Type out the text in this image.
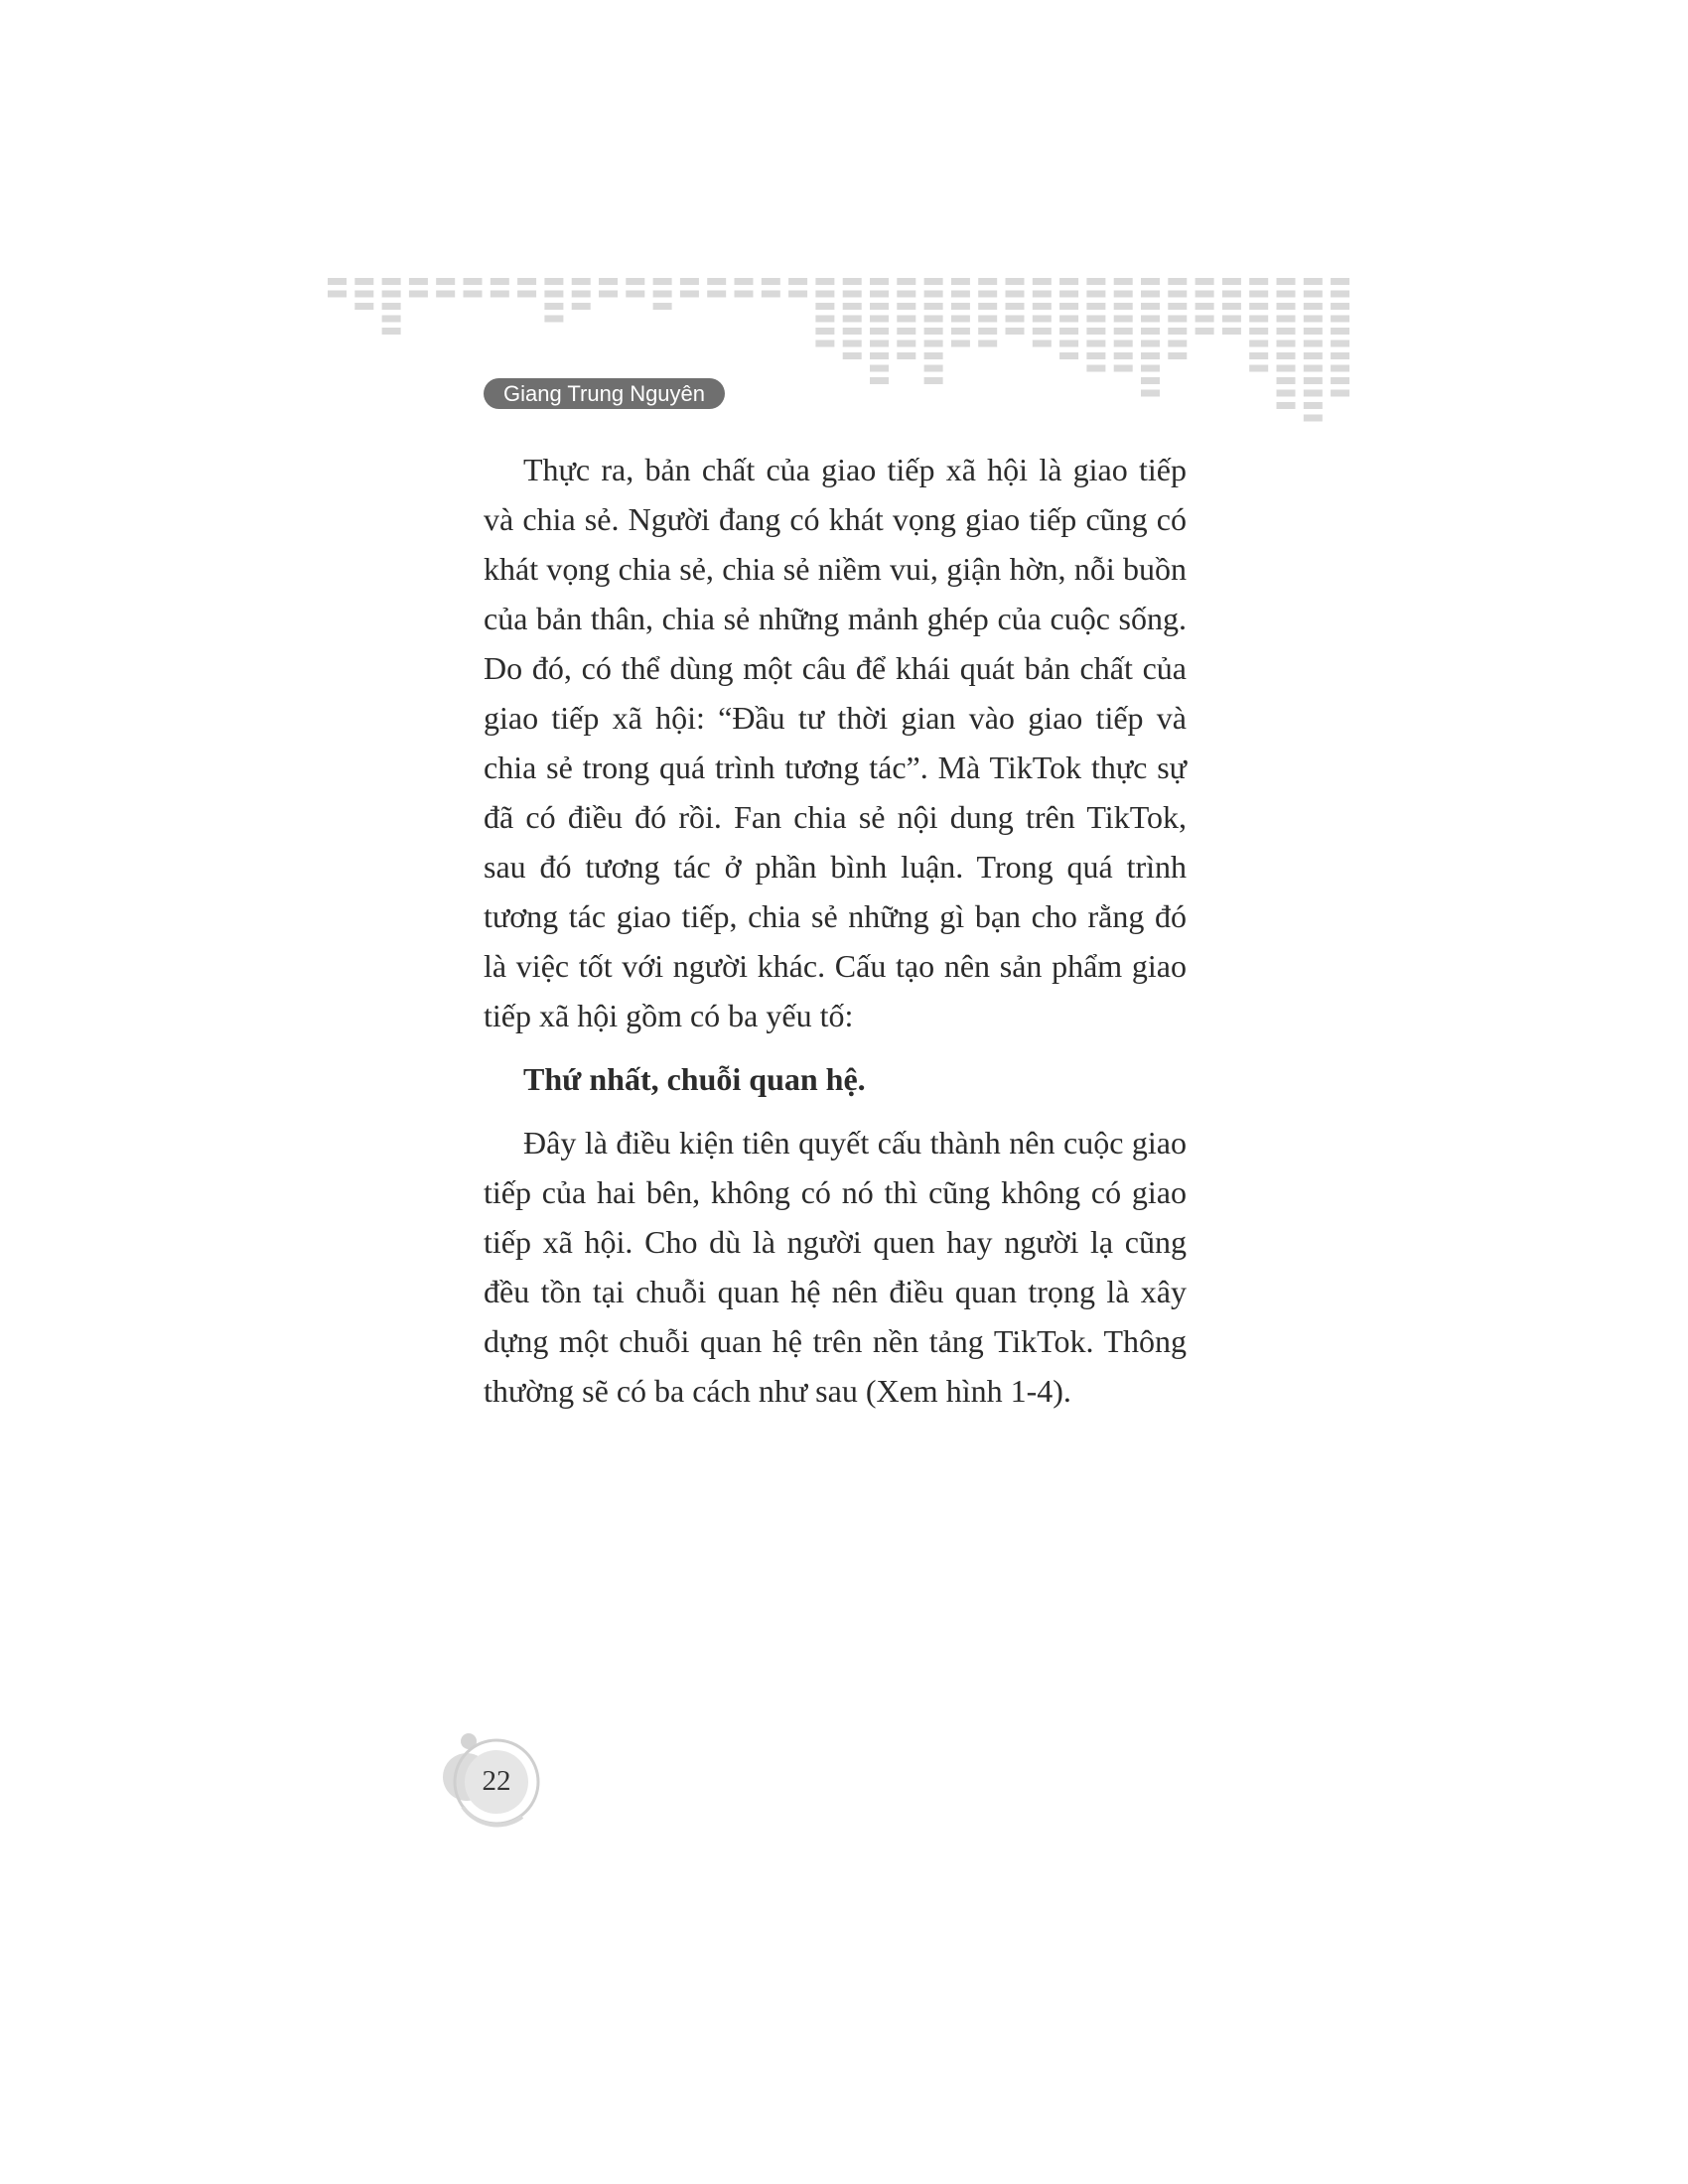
Giang Trung Nguyên

Thực ra, bản chất của giao tiếp xã hội là giao tiếp và chia sẻ. Người đang có khát vọng giao tiếp cũng có khát vọng chia sẻ, chia sẻ niềm vui, giận hờn, nỗi buồn của bản thân, chia sẻ những mảnh ghép của cuộc sống. Do đó, có thể dùng một câu để khái quát bản chất của giao tiếp xã hội: “Đầu tư thời gian vào giao tiếp và chia sẻ trong quá trình tương tác”. Mà TikTok thực sự đã có điều đó rồi. Fan chia sẻ nội dung trên TikTok, sau đó tương tác ở phần bình luận. Trong quá trình tương tác giao tiếp, chia sẻ những gì bạn cho rằng đó là việc tốt với người khác. Cấu tạo nên sản phẩm giao tiếp xã hội gồm có ba yếu tố:

Thứ nhất, chuỗi quan hệ.

Đây là điều kiện tiên quyết cấu thành nên cuộc giao tiếp của hai bên, không có nó thì cũng không có giao tiếp xã hội. Cho dù là người quen hay người lạ cũng đều tồn tại chuỗi quan hệ nên điều quan trọng là xây dựng một chuỗi quan hệ trên nền tảng TikTok. Thông thường sẽ có ba cách như sau (Xem hình 1-4).

22
